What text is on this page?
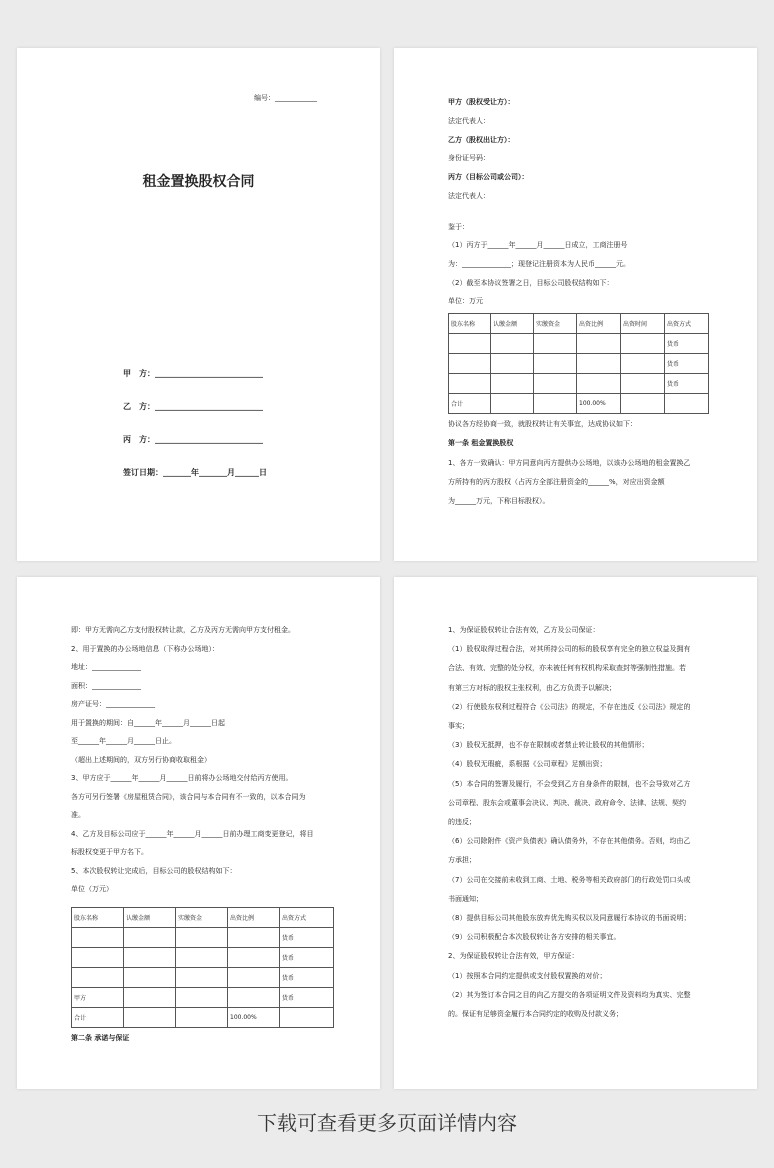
编号：____________
租金置换股权合同
甲　方：___________________________
乙　方：___________________________
丙　方：___________________________
签订日期：_______年_______月______日
甲方（股权受让方）：
法定代表人：
乙方（股权出让方）：
身份证号码：
丙方（目标公司或公司）：
法定代表人：
鉴于：
（1）丙方于______年______月______日成立，工商注册号
为：______________；现登记注册资本为人民币______元。
（2）截至本协议签署之日，目标公司股权结构如下：
单位：万元
股东名称	认缴金额	实缴资金	出资比例	出资时间	出资方式
					货币
					货币
					货币
合计			100.00%		
协议各方经协商一致，就股权转让有关事宜，达成协议如下：
第一条 租金置换股权
1、各方一致确认：甲方同意向丙方提供办公场地，以该办公场地的租金置换乙
方所持有的丙方股权（占丙方全部注册资金的______%，对应出资金额
为______万元，下称目标股权）。
即：甲方无需向乙方支付股权转让款，乙方及丙方无需向甲方支付租金。
2、用于置换的办公场地信息（下称办公场地）：
地址：______________
面积：______________
房产证号：______________
用于置换的期间：自______年______月______日起
至______年______月______日止。
（超出上述期间的，双方另行协商收取租金）
3、甲方应于______年______月______日前将办公场地交付给丙方使用。
各方可另行签署《房屋租赁合同》，该合同与本合同有不一致的，以本合同为
准。
4、乙方及目标公司应于______年______月______日前办理工商变更登记，将目
标股权变更于甲方名下。
5、本次股权转让完成后，目标公司的股权结构如下：
单位（万元）
股东名称	认缴金额	实缴资金	出资比例	出资方式
				货币
				货币
				货币
甲方				货币
合计			100.00%	
第二条 承诺与保证
1、为保证股权转让合法有效，乙方及公司保证：
（1）股权取得过程合法，对其所持公司的标的股权享有完全的独立权益及拥有
合法、有效、完整的处分权，亦未被任何有权机构采取查封等强制性措施。若
有第三方对标的股权主张权利，由乙方负责予以解决；
（2）行使股东权利过程符合《公司法》的规定，不存在违反《公司法》规定的
事实；
（3）股权无抵押，也不存在限制或者禁止转让股权的其他情形；
（4）股权无瑕疵，系根据《公司章程》足额出资；
（5）本合同的签署及履行，不会受到乙方自身条件的限制，也不会导致对乙方
公司章程、股东会或董事会决议、判决、裁决、政府命令、法律、法规、契约
的违反；
（6）公司除附件《资产负债表》确认债务外，不存在其他债务。否则，均由乙
方承担；
（7）公司在交接前未收到工商、土地、税务等相关政府部门的行政处罚口头或
书面通知；
（8）提供目标公司其他股东放弃优先购买权以及同意履行本协议的书面说明；
（9）公司积极配合本次股权转让各方安排的相关事宜。
2、为保证股权转让合法有效，甲方保证：
（1）按照本合同约定提供或支付股权置换的对价；
（2）其为签订本合同之目的向乙方提交的各项证明文件及资料均为真实、完整
的。保证有足够资金履行本合同约定的收购及付款义务；
下载可查看更多页面详情内容
